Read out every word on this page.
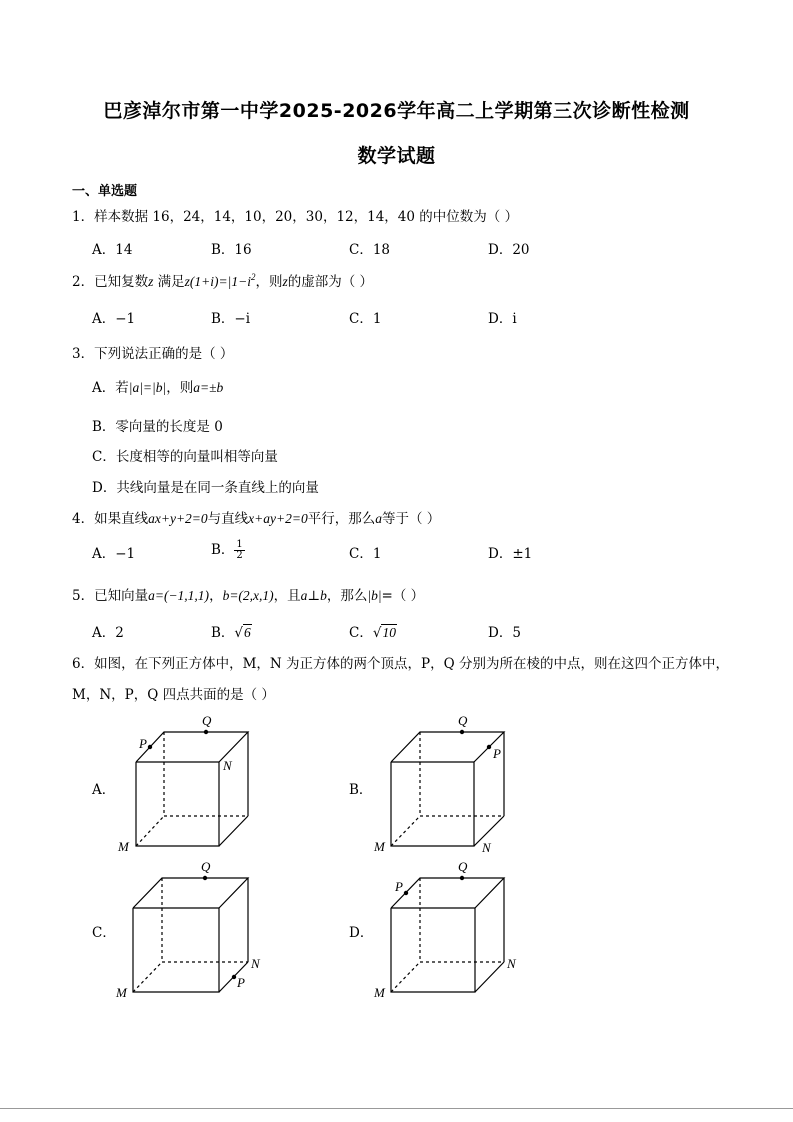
巴彦淖尔市第一中学2025-2026学年高二上学期第三次诊断性检测
数学试题
一、单选题
1．样本数据 16，24，14，10，20，30，12，14，40 的中位数为（ ）
A．14	B．16	C．18	D．20
2．已知复数z 满足$z(1+i)=|1-i^2$，则z的虚部为（ ）
A．−1	B．−i	C．1	D．i
3．下列说法正确的是（ ）
A．若|a|=|b|，则a=±b
B．零向量的长度是 0
C．长度相等的向量叫相等向量
D．共线向量是在同一条直线上的向量
4．如果直线ax+y+2=0与直线x+ay+2=0平行，那么a等于（ ）
A．−1	B． $\frac{1}{2}$	C．1	D．±1
5．已知向量a=(−1,1,1)，b=(2,x,1)，且a⊥b，那么|b|=（ ）
A．2	B．√6	C．√10	D．5
6．如图，在下列正方体中，M，N 为正方体的两个顶点，P，Q 分别为所在棱的中点，则在这四个正方体中，
M，N，P，Q 四点共面的是（ ）
A．	B．
C．	D．
Q
P
N
M
Q
P
N
M
Q
N
P
M
Q
P
N
M
